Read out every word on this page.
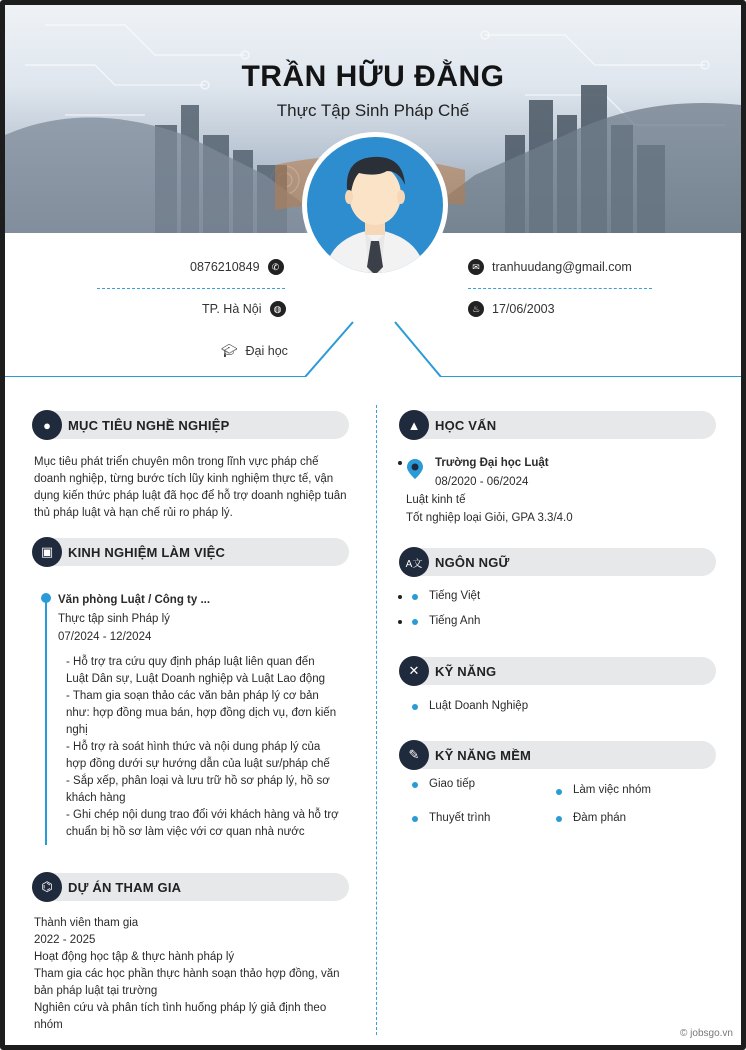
TRẦN HỮU ĐẰNG
Thực Tập Sinh Pháp Chế
0876210849	✆	✉ tranhuudang@gmail.com
TP. Hà Nội	◍	♨ 17/06/2003
🎓︎ Đại học
●	MỤC TIÊU NGHỀ NGHIỆP
Mục tiêu phát triển chuyên môn trong lĩnh vực pháp chế
doanh nghiệp, từng bước tích lũy kinh nghiệm thực tế, vận
dụng kiến thức pháp luật đã học để hỗ trợ doanh nghiệp tuân
thủ pháp luật và hạn chế rủi ro pháp lý.
▣	KINH NGHIỆM LÀM VIỆC
Văn phòng Luật / Công ty ...
Thực tập sinh Pháp lý
07/2024 - 12/2024
- Hỗ trợ tra cứu quy định pháp luật liên quan đến
Luật Dân sự, Luật Doanh nghiệp và Luật Lao động
- Tham gia soạn thảo các văn bản pháp lý cơ bản
như: hợp đồng mua bán, hợp đồng dịch vụ, đơn kiến
nghị
- Hỗ trợ rà soát hình thức và nội dung pháp lý của
hợp đồng dưới sự hướng dẫn của luật sư/pháp chế
- Sắp xếp, phân loại và lưu trữ hồ sơ pháp lý, hồ sơ
khách hàng
- Ghi chép nội dung trao đổi với khách hàng và hỗ trợ
chuẩn bị hồ sơ làm việc với cơ quan nhà nước
⌬	DỰ ÁN THAM GIA
Thành viên tham gia
2022 - 2025
Hoạt động học tập & thực hành pháp lý
Tham gia các học phần thực hành soạn thảo hợp đồng, văn
bản pháp luật tại trường
Nghiên cứu và phân tích tình huống pháp lý giả định theo
nhóm
▲	HỌC VẤN
Trường Đại học Luật
08/2020 - 06/2024
Luật kinh tế
Tốt nghiệp loại Giỏi, GPA 3.3/4.0
A文 NGÔN NGỮ
Tiếng Việt
Tiếng Anh
✕	KỸ NĂNG
Luật Doanh Nghiệp
✎	KỸ NĂNG MỀM
Giao tiếp	Làm việc nhóm
Thuyết trình	Đàm phán
© jobsgo.vn
